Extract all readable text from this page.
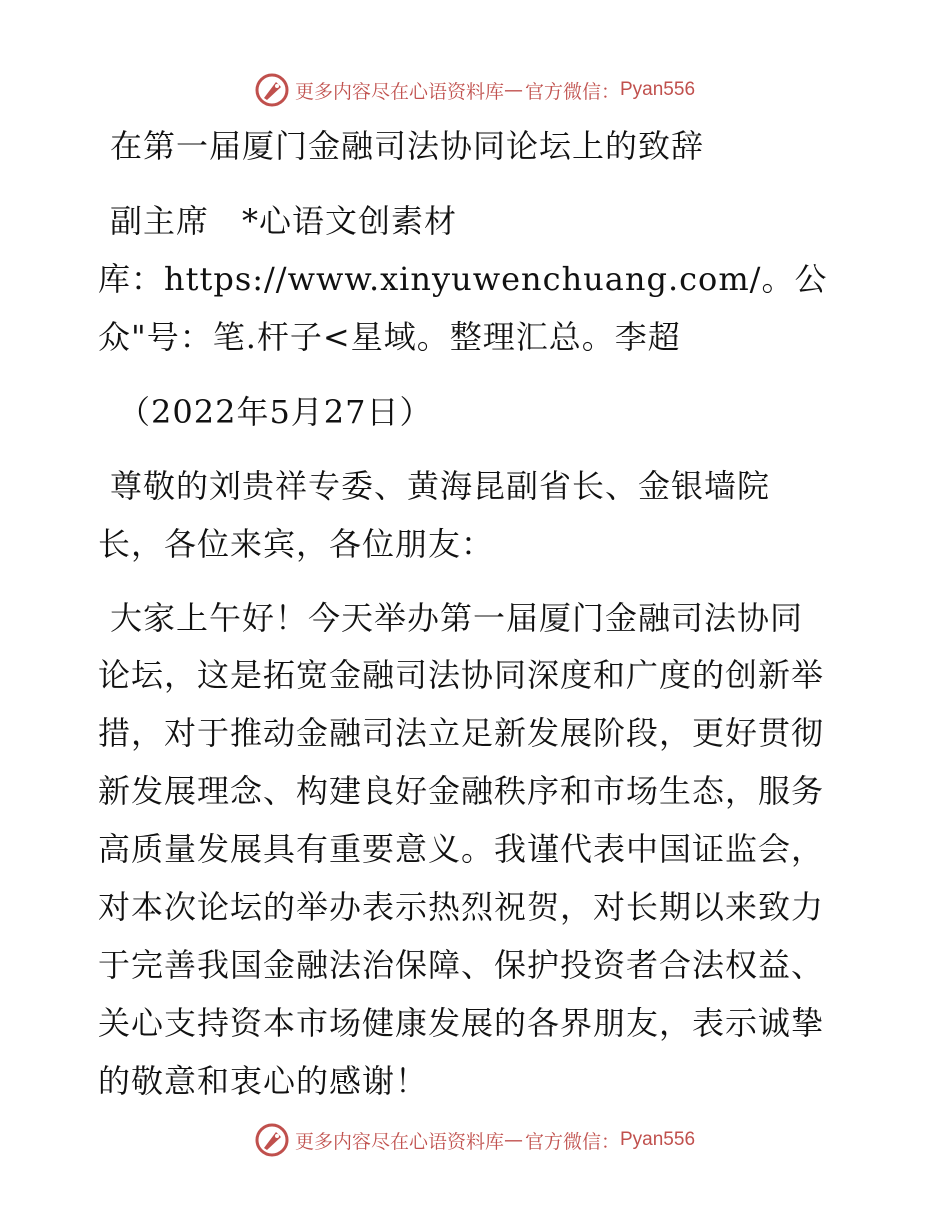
更多内容尽在心语资料库 — 官方微信： Pyan556
在第一届厦门金融司法协同论坛上的致辞
副主席　*心语文创素材
库：https://www.xinyuwenchuang.com/。公
众"号：笔.杆子<星域。整理汇总。李超
（2022年5月27日）
尊敬的刘贵祥专委、黄海昆副省长、金银墙院
长，各位来宾，各位朋友：
大家上午好！今天举办第一届厦门金融司法协同
论坛，这是拓宽金融司法协同深度和广度的创新举
措，对于推动金融司法立足新发展阶段，更好贯彻
新发展理念、构建良好金融秩序和市场生态，服务
高质量发展具有重要意义。我谨代表中国证监会，
对本次论坛的举办表示热烈祝贺，对长期以来致力
于完善我国金融法治保障、保护投资者合法权益、
关心支持资本市场健康发展的各界朋友，表示诚挚
的敬意和衷心的感谢！
更多内容尽在心语资料库 — 官方微信： Pyan556
